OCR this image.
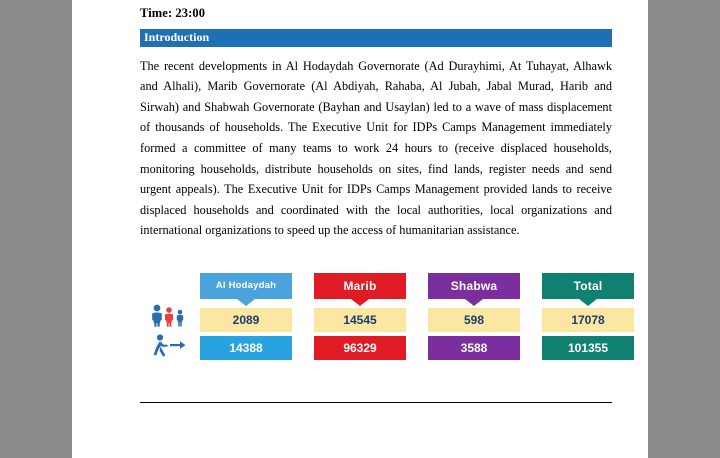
Time: 23:00
Introduction
The recent developments in Al Hodaydah Governorate (Ad Durayhimi, At Tuhayat, Alhawk and Alhali), Marib Governorate (Al Abdiyah, Rahaba, Al Jubah, Jabal Murad, Harib and Sirwah) and Shabwah Governorate (Bayhan and Usaylan) led to a wave of mass displacement of thousands of households. The Executive Unit for IDPs Camps Management immediately formed a committee of many teams to work 24 hours to (receive displaced households, monitoring households, distribute households on sites, find lands, register needs and send urgent appeals). The Executive Unit for IDPs Camps Management provided lands to receive displaced households and coordinated with the local authorities, local organizations and international organizations to speed up the access of humanitarian assistance.
Al Hodaydah
2089
14388
Marib
14545
96329
Shabwa
598
3588
Total
17078
101355
